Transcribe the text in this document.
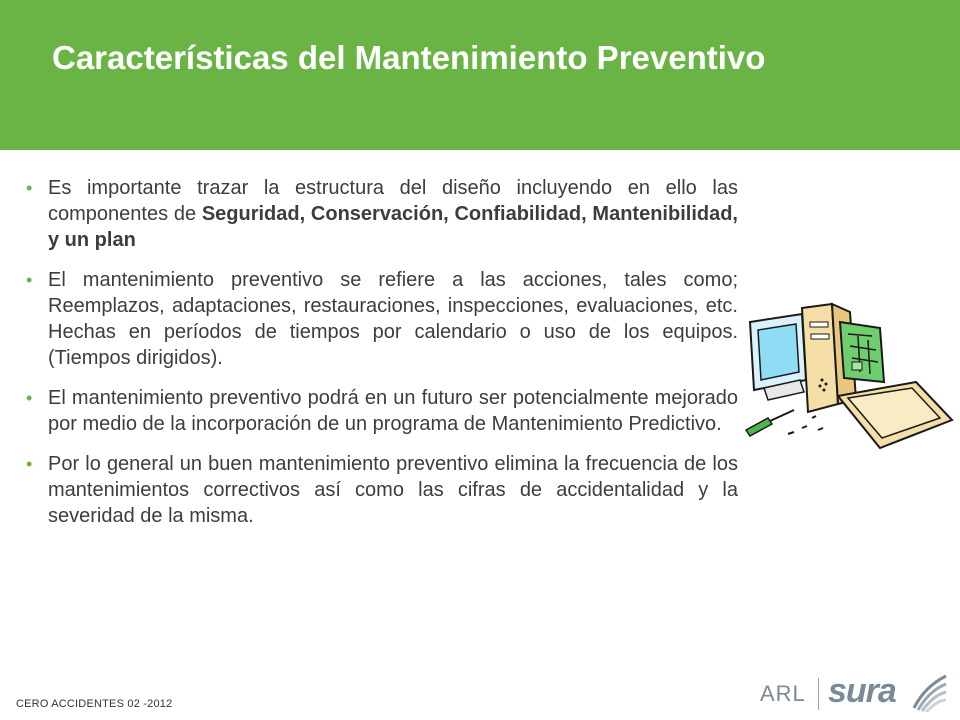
Características del Mantenimiento Preventivo
• Es importante trazar la estructura del diseño incluyendo en ello las componentes de Seguridad, Conservación, Confiabilidad, Mantenibilidad, y un plan
• El mantenimiento preventivo se refiere a las acciones, tales como; Reemplazos, adaptaciones, restauraciones, inspecciones, evaluaciones, etc. Hechas en períodos de tiempos por calendario o uso de los equipos. (Tiempos dirigidos).
• El mantenimiento preventivo podrá en un futuro ser potencialmente mejorado por medio de la incorporación de un programa de Mantenimiento Predictivo.
• Por lo general un buen mantenimiento preventivo elimina la frecuencia de los mantenimientos correctivos así como las cifras de accidentalidad y la severidad de la misma.
CERO ACCIDENTES 02 -2012	ARL sura
